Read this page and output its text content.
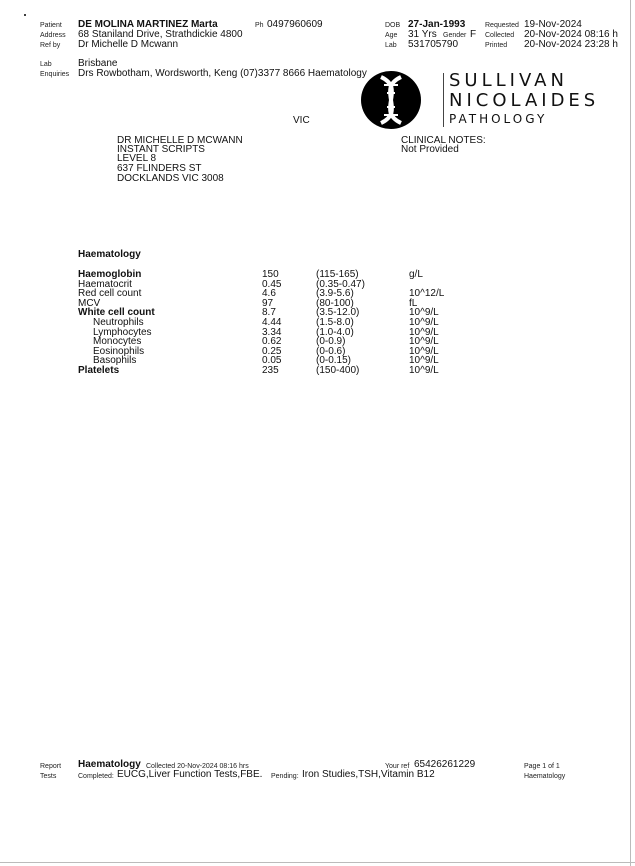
Patient DE MOLINA MARTINEZ Marta	Ph 0497960609
Address 68 Staniland Drive, Strathdickie 4800
Ref by Dr Michelle D Mcwann
DOB 27-Jan-1993
Age 31 Yrs Gender F
Lab 531705790
Requested 19-Nov-2024
Collected 20-Nov-2024 08:16 h
Printed 20-Nov-2024 23:28 h
Lab	Brisbane
Enquiries Drs Rowbotham, Wordsworth, Keng (07)3377 8666 Haematology	SULLIVAN
NICOLAIDES
PATHOLOGY
VIC
DR MICHELLE D MCWANN
INSTANT SCRIPTS
LEVEL 8
637 FLINDERS ST
DOCKLANDS VIC 3008
CLINICAL NOTES:
Not Provided
Haematology
Haemoglobin	150	(115-165)	g/L
Haematocrit	0.45	(0.35-0.47)
Red cell count	4.6	(3.9-5.6)	10^12/L
MCV	97	(80-100)	fL
White cell count	8.7	(3.5-12.0)	10^9/L
Neutrophils	4.44	(1.5-8.0)	10^9/L
Lymphocytes	3.34	(1.0-4.0)	10^9/L
Monocytes	0.62	(0-0.9)	10^9/L
Eosinophils	0.25	(0-0.6)	10^9/L
Basophils	0.05	(0-0.15)	10^9/L
Platelets	235	(150-400)	10^9/L
Report
Tests
Haematology Collected 20-Nov-2024 08:16 hrs	Your ref 65426261229	Page 1 of 1
Haematology
Completed: EUCG,Liver Function Tests,FBE. Pending: Iron Studies,TSH,Vitamin B12
